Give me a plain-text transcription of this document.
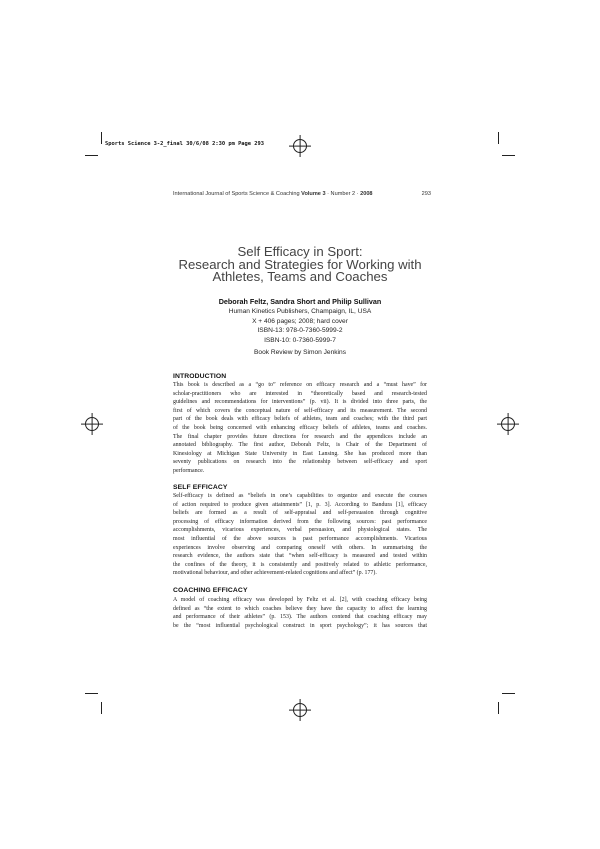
Sports Science 3-2_final 30/6/08 2:30 pm Page 293
International Journal of Sports Science & Coaching Volume 3 · Number 2 · 2008	293
Self Efficacy in Sport:
Research and Strategies for Working with
Athletes, Teams and Coaches
Deborah Feltz, Sandra Short and Philip Sullivan
Human Kinetics Publishers, Champaign, IL, USA
X + 406 pages; 2008; hard cover
ISBN-13: 978-0-7360-5999-2
ISBN-10: 0-7360-5999-7
Book Review by Simon Jenkins
INTRODUCTION
This book is described as a “go to” reference on efficacy research and a “must have” for
scholar-practitioners who are interested in “theoretically based and research-tested
guidelines and recommendations for interventions” (p. vii). It is divided into three parts, the
first of which covers the conceptual nature of self-efficacy and its measurement. The second
part of the book deals with efficacy beliefs of athletes, team and coaches; with the third part
of the book being concerned with enhancing efficacy beliefs of athletes, teams and coaches.
The final chapter provides future directions for research and the appendices include an
annotated bibliography. The first author, Deborah Feltz, is Chair of the Department of
Kinesiology at Michigan State University in East Lansing. She has produced more than
seventy publications on research into the relationship between self-efficacy and sport
performance.
SELF EFFICACY
Self-efficacy is defined as “beliefs in one’s capabilities to organize and execute the courses
of action required to produce given attainments” [1, p. 3]. According to Bandura [1], efficacy
beliefs are formed as a result of self-appraisal and self-persuasion through cognitive
processing of efficacy information derived from the following sources: past performance
accomplishments, vicarious experiences, verbal persuasion, and physiological states. The
most influential of the above sources is past performance accomplishments. Vicarious
experiences involve observing and comparing oneself with others. In summarising the
research evidence, the authors state that “when self-efficacy is measured and tested within
the confines of the theory, it is consistently and positively related to athletic performance,
motivational behaviour, and other achievement-related cognitions and affect” (p. 177).
COACHING EFFICACY
A model of coaching efficacy was developed by Feltz et al. [2], with coaching efficacy being
defined as “the extent to which coaches believe they have the capacity to affect the learning
and performance of their athletes” (p. 153). The authors contend that coaching efficacy may
be the “most influential psychological construct in sport psychology”; it has sources that
